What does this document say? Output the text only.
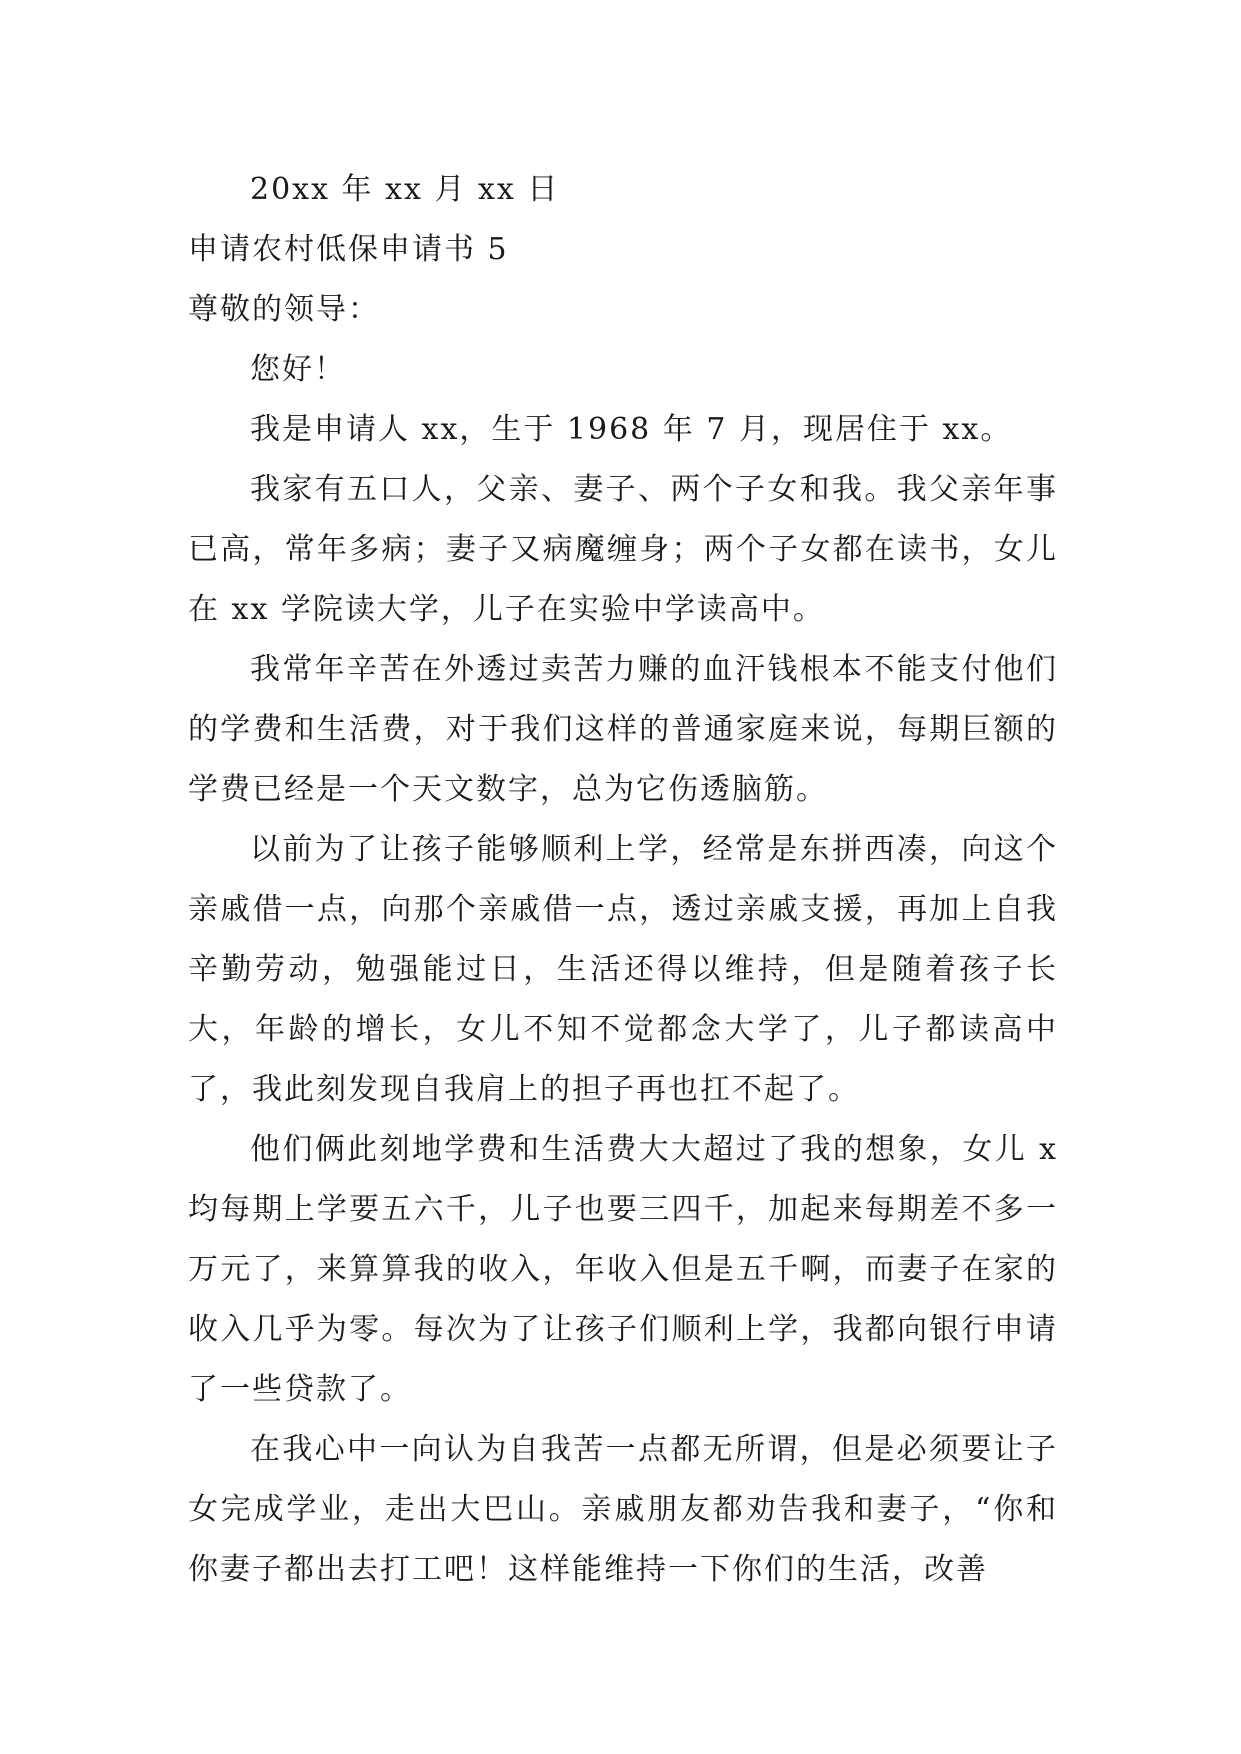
20xx 年 xx 月 xx 日

申请农村低保申请书 5

尊敬的领导：

您好！

我是申请人 xx，生于 1968 年 7 月，现居住于 xx。

我家有五口人，父亲、妻子、两个子女和我。我父亲年事已高，常年多病；妻子又病魔缠身；两个子女都在读书，女儿在 xx 学院读大学，儿子在实验中学读高中。

我常年辛苦在外透过卖苦力赚的血汗钱根本不能支付他们的学费和生活费，对于我们这样的普通家庭来说，每期巨额的学费已经是一个天文数字，总为它伤透脑筋。

以前为了让孩子能够顺利上学，经常是东拼西凑，向这个亲戚借一点，向那个亲戚借一点，透过亲戚支援，再加上自我辛勤劳动，勉强能过日，生活还得以维持，但是随着孩子长大，年龄的增长，女儿不知不觉都念大学了，儿子都读高中了，我此刻发现自我肩上的担子再也扛不起了。

他们俩此刻地学费和生活费大大超过了我的想象，女儿 x 均每期上学要五六千，儿子也要三四千，加起来每期差不多一万元了，来算算我的收入，年收入但是五千啊，而妻子在家的收入几乎为零。每次为了让孩子们顺利上学，我都向银行申请了一些贷款了。

在我心中一向认为自我苦一点都无所谓，但是必须要让子女完成学业，走出大巴山。亲戚朋友都劝告我和妻子，“你和你妻子都出去打工吧！这样能维持一下你们的生活，改善
